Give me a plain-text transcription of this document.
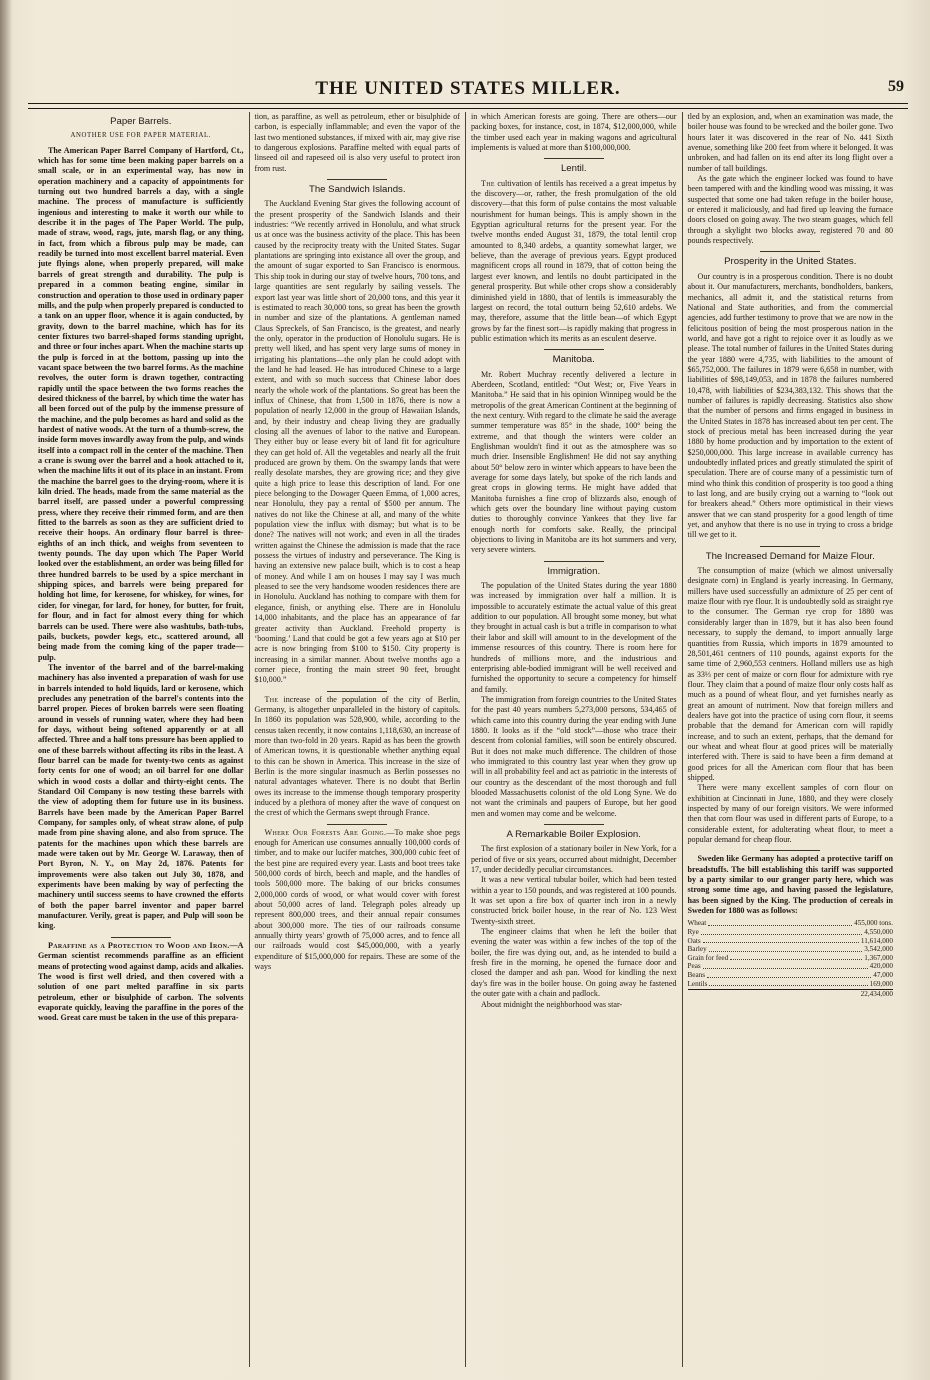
THE UNITED STATES MILLER.	59
Paper Barrels.
ANOTHER USE FOR PAPER MATERIAL.

The American Paper Barrel Company of Hartford, Ct., which has for some time been making paper barrels on a small scale, or in an experimental way, has now in operation machinery and a capacity of appointments for turning out two hundred barrels a day, with a single machine. The process of manufacture is sufficiently ingenious and interesting to make it worth our while to describe it in the pages of The Paper World. The pulp, made of straw, wood, rags, jute, marsh flag, or any thing, in fact, from which a fibrous pulp may be made, can readily be turned into most excellent barrel material. Even jute flyings alone, when properly prepared, will make barrels of great strength and durability. The pulp is prepared in a common beating engine, similar in construction and operation to those used in ordinary paper mills, and the pulp when properly prepared is conducted to a tank on an upper floor, whence it is again conducted, by gravity, down to the barrel machine, which has for its center fixtures two barrel-shaped forms standing upright, and three or four inches apart. When the machine starts up the pulp is forced in at the bottom, passing up into the vacant space between the two barrel forms. As the machine revolves, the outer form is drawn together, contracting rapidly until the space between the two forms reaches the desired thickness of the barrel, by which time the water has all been forced out of the pulp by the immense pressure of the machine, and the pulp becomes as hard and solid as the hardest of native woods. At the turn of a thumb-screw, the inside form moves inwardly away from the pulp, and winds itself into a compact roll in the center of the machine. Then a crane is swung over the barrel and a hook attached to it, when the machine lifts it out of its place in an instant. From the machine the barrel goes to the drying-room, where it is kiln dried. The heads, made from the same material as the barrel itself, are passed under a powerful compressing press, where they receive their rimmed form, and are then fitted to the barrels as soon as they are sufficient dried to receive their hoops. An ordinary flour barrel is three-eighths of an inch thick, and weighs from seventeen to twenty pounds. The day upon which The Paper World looked over the establishment, an order was being filled for three hundred barrels to be used by a spice merchant in shipping spices, and barrels were being prepared for holding hot lime, for kerosene, for whiskey, for wines, for cider, for vinegar, for lard, for honey, for butter, for fruit, for flour, and in fact for almost every thing for which barrels can be used. There were also washtubs, bath-tubs, pails, buckets, powder kegs, etc., scattered around, all being made from the coming king of the paper trade—pulp.

The inventor of the barrel and of the barrel-making machinery has also invented a preparation of wash for use in barrels intended to hold liquids, lard or kerosene, which precludes any penetration of the barrel's contents into the barrel proper. Pieces of broken barrels were seen floating around in vessels of running water, where they had been for days, without being softened apparently or at all affected. Three and a half tons pressure has been applied to one of these barrels without affecting its ribs in the least. A flour barrel can be made for twenty-two cents as against forty cents for one of wood; an oil barrel for one dollar which in wood costs a dollar and thirty-eight cents. The Standard Oil Company is now testing these barrels with the view of adopting them for future use in its business. Barrels have been made by the American Paper Barrel Company, for samples only, of wheat straw alone, of pulp made from pine shaving alone, and also from spruce. The patents for the machines upon which these barrels are made were taken out by Mr. George W. Laraway, then of Port Byron, N. Y., on May 2d, 1876. Patents for improvements were also taken out July 30, 1878, and experiments have been making by way of perfecting the machinery until success seems to have crowned the efforts of both the paper barrel inventor and paper barrel manufacturer. Verily, great is paper, and Pulp will soon be king.

Paraffine as a Protection to Wood and Iron.—A German scientist recommends paraffine as an efficient means of protecting wood against damp, acids and alkalies. The wood is first well dried, and then covered with a solution of one part melted paraffine in six parts petroleum, ether or bisulphide of carbon. The solvents evaporate quickly, leaving the paraffine in the pores of the wood. Great care must be taken in the use of this prepara-

tion, as paraffine, as well as petroleum, ether or bisulphide of carbon, is especially inflammable; and even the vapor of the last two mentioned substances, if mixed with air, may give rise to dangerous explosions. Paraffine melted with equal parts of linseed oil and rapeseed oil is also very useful to protect iron from rust.

The Sandwich Islands.

The Auckland Evening Star gives the following account of the present prosperity of the Sandwich Islands and their industries: “We recently arrived in Honolulu, and what struck us at once was the business activity of the place. This has been caused by the reciprocity treaty with the United States. Sugar plantations are springing into existance all over the group, and the amount of sugar exported to San Francisco is enormous. This ship took in during our stay of twelve hours, 700 tons, and large quantities are sent regularly by sailing vessels. The export last year was little short of 20,000 tons, and this year it is estimated to reach 30,000 tons, so great has been the growth in number and size of the plantations. A gentleman named Claus Spreckels, of San Francisco, is the greatest, and nearly the only, operator in the production of Honolulu sugars. He is pretty well liked, and has spent very large sums of money in irrigating his plantations—the only plan he could adopt with the land he had leased. He has introduced Chinese to a large extent, and with so much success that Chinese labor does nearly the whole work of the plantations. So great has been the influx of Chinese, that from 1,500 in 1876, there is now a population of nearly 12,000 in the group of Hawaiian Islands, and, by their industry and cheap living they are gradually closing all the avenues of labor to the native and European. They either buy or lease every bit of land fit for agriculture they can get hold of. All the vegetables and nearly all the fruit produced are grown by them. On the swampy lands that were really desolate marshes, they are growing rice; and they give quite a high price to lease this description of land. For one piece belonging to the Dowager Queen Emma, of 1,000 acres, near Honolulu, they pay a rental of $500 per annum. The natives do not like the Chinese at all, and many of the white population view the influx with dismay; but what is to be done? The natives will not work; and even in all the tirades written against the Chinese the admission is made that the race possess the virtues of industry and perseverance. The King is having an extensive new palace built, which is to cost a heap of money. And while I am on houses I may say I was much pleased to see the very handsome wooden residences there are in Honolulu. Auckland has nothing to compare with them for elegance, finish, or anything else. There are in Honolulu 14,000 inhabitants, and the place has an appearance of far greater activity than Auckland. Freehold property is ‘booming.’ Land that could be got a few years ago at $10 per acre is now bringing from $100 to $150. City property is increasing in a similar manner. About twelve months ago a corner piece, fronting the main street 90 feet, brought $10,000.”

The increase of the population of the city of Berlin, Germany, is altogether unparalleled in the history of capitols. In 1860 its population was 528,900, while, according to the census taken recently, it now contains 1,118,630, an increase of more than two-fold in 20 years. Rapid as has been the growth of American towns, it is questionable whether anything equal to this can be shown in America. This increase in the size of Berlin is the more singular inasmuch as Berlin possesses no natural advantages whatever. There is no doubt that Berlin owes its increase to the immense though temporary prosperity induced by a plethora of money after the wave of conquest on the crest of which the Germans swept through France.

Where Our Forests Are Going.—To make shoe pegs enough for American use consumes annually 100,000 cords of timber, and to make our lucifer matches, 300,000 cubic feet of the best pine are required every year. Lasts and boot trees take 500,000 cords of birch, beech and maple, and the handles of tools 500,000 more. The baking of our bricks consumes 2,000,000 cords of wood, or what would cover with forest about 50,000 acres of land. Telegraph poles already up represent 800,000 trees, and their annual repair consumes about 300,000 more. The ties of our railroads consume annually thirty years' growth of 75,000 acres, and to fence all our railroads would cost $45,000,000, with a yearly expenditure of $15,000,000 for repairs. These are some of the ways

in which American forests are going. There are others—our packing boxes, for instance, cost, in 1874, $12,000,000, while the timber used each year in making wagons and agricultural implements is valued at more than $100,000,000.

Lentil.

The cultivation of lentils has received a a great impetus by the discovery—or, rather, the fresh promulgation of the old discovery—that this form of pulse contains the most valuable nourishment for human beings. This is amply shown in the Egyptian agricultural returns for the present year. For the twelve months ended August 31, 1879, the total lentil crop amounted to 8,340 ardebs, a quantity somewhat larger, we believe, than the average of previous years. Egypt produced magnificent crops all round in 1879, that of cotton being the largest ever known, and lentils no doubt participated in the general prosperity. But while other crops show a considerably diminished yield in 1880, that of lentils is immeasurably the largest on record, the total outturn being 52,610 ardebs. We may, therefore, assume that the little bean—of which Egypt grows by far the finest sort—is rapidly making that progress in public estimation which its merits as an esculent deserve.

Manitoba.

Mr. Robert Muchray recently delivered a lecture in Aberdeen, Scotland, entitled: “Out West; or, Five Years in Manitoba.” He said that in his opinion Winnipeg would be the metropolis of the great American Continent at the beginning of the next century. With regard to the climate he said the average summer temperature was 85° in the shade, 100° being the extreme, and that though the winters were colder an Englishman wouldn't find it out as the atmosphere was so much drier. Insensible Englishmen! He did not say anything about 50° below zero in winter which appears to have been the average for some days lately, but spoke of the rich lands and great crops in glowing terms. He might have added that Manitoba furnishes a fine crop of blizzards also, enough of which gets over the boundary line without paying custom duties to thoroughly convince Yankees that they live far enough north for comforts sake. Really, the principal objections to living in Manitoba are its hot summers and very, very severe winters.

Immigration.

The population of the United States during the year 1880 was increased by immigration over half a million. It is impossible to accurately estimate the actual value of this great addition to our population. All brought some money, but what they brought in actual cash is but a trifle in comparison to what their labor and skill will amount to in the development of the immense resources of this country. There is room here for hundreds of millions more, and the industrious and enterprising able-bodied immigrant will be well received and furnished the opportunity to secure a competency for himself and family.

The immigration from foreign countries to the United States for the past 40 years numbers 5,273,000 persons, 534,465 of which came into this country during the year ending with June 1880. It looks as if the “old stock”—those who trace their descent from colonial families, will soon be entirely obscured. But it does not make much difference. The children of those who immigrated to this country last year when they grow up will in all probability feel and act as patriotic in the interests of our country as the descendant of the most thorough and full blooded Massachusetts colonist of the old Long Syne. We do not want the criminals and paupers of Europe, but her good men and women may come and be welcome.

A Remarkable Boiler Explosion.

The first explosion of a stationary boiler in New York, for a period of five or six years, occurred about midnight, December 17, under decidedly peculiar circumstances.

It was a new vertical tubular boiler, which had been tested within a year to 150 pounds, and was registered at 100 pounds. It was set upon a fire box of quarter inch iron in a newly constructed brick boiler house, in the rear of No. 123 West Twenty-sixth street.

The engineer claims that when he left the boiler that evening the water was within a few inches of the top of the boiler, the fire was dying out, and, as he intended to build a fresh fire in the morning, he opened the furnace door and closed the damper and ash pan. Wood for kindling the next day's fire was in the boiler house. On going away he fastened the outer gate with a chain and padlock.

About midnight the neighborhood was star-

tled by an explosion, and, when an examination was made, the boiler house was found to be wrecked and the boiler gone. Two hours later it was discovered in the rear of No. 441 Sixth avenue, something like 200 feet from where it belonged. It was unbroken, and had fallen on its end after its long flight over a number of tall buildings.

As the gate which the engineer locked was found to have been tampered with and the kindling wood was missing, it was suspected that some one had taken refuge in the boiler house, or entered it maliciously, and had fired up leaving the furnace doors closed on going away. The two steam guages, which fell through a skylight two blocks away, registered 70 and 80 pounds respectively.

Prosperity in the United States.

Our country is in a prosperous condition. There is no doubt about it. Our manufacturers, merchants, bondholders, bankers, mechanics, all admit it, and the statistical returns from National and State authorities, and from the commercial agencies, add further testimony to prove that we are now in the felicitous position of being the most prosperous nation in the world, and have got a right to rejoice over it as loudly as we please. The total number of failures in the United States during the year 1880 were 4,735, with liabilities to the amount of $65,752,000. The failures in 1879 were 6,658 in number, with liabilities of $98,149,053, and in 1878 the failures numbered 10,478, with liabilities of $234,383,132. This shows that the number of failures is rapidly decreasing. Statistics also show that the number of persons and firms engaged in business in the United States in 1878 has increased about ten per cent. The stock of precious metal has been increased during the year 1880 by home production and by importation to the extent of $250,000,000. This large increase in available currency has undoubtedly inflated prices and greatly stimulated the spirit of speculation. There are of course many of a pessimistic turn of mind who think this condition of prosperity is too good a thing to last long, and are busily crying out a warning to “look out for breakers ahead.” Others more optimistical in their views answer that we can stand prosperity for a good length of time yet, and anyhow that there is no use in trying to cross a bridge till we get to it.

The Increased Demand for Maize Flour.

The consumption of maize (which we almost universally designate corn) in England is yearly increasing. In Germany, millers have used successfully an admixture of 25 per cent of maize flour with rye flour. It is undoubtedly sold as straight rye to the consumer. The German rye crop for 1880 was considerably larger than in 1879, but it has also been found necessary, to supply the demand, to import annually large quantities from Russia, which imports in 1879 amounted to 28,501,461 centners of 110 pounds, against exports for the same time of 2,960,553 centners. Holland millers use as high as 33⅓ per cent of maize or corn flour for admixture with rye flour. They claim that a pound of maize flour only costs half as much as a pound of wheat flour, and yet furnishes nearly as great an amount of nutriment. Now that foreign millers and dealers have got into the practice of using corn flour, it seems probable that the demand for American corn will rapidly increase, and to such an extent, perhaps, that the demand for our wheat and wheat flour at good prices will be materially interfered with. There is said to have been a firm demand at good prices for all the American corn flour that has been shipped.

There were many excellent samples of corn flour on exhibition at Cincinnati in June, 1880, and they were closely inspected by many of our foreign visitors. We were informed then that corn flour was used in different parts of Europe, to a considerable extent, for adulterating wheat flour, to meet a popular demand for cheap flour.

Sweden like Germany has adopted a protective tariff on breadstuffs. The bill establishing this tariff was supported by a party similar to our granger party here, which was strong some time ago, and having passed the legislature, has been signed by the King. The production of cereals in Sweden for 1880 was as follows:

Wheat	455,000 tons.
Rye	4,550,000
Oats	11,614,000
Barley	3,542,000
Grain for feed	1,367,000
Peas	420,000
Beans	47,000
Lentils	169,000
22,434,000
